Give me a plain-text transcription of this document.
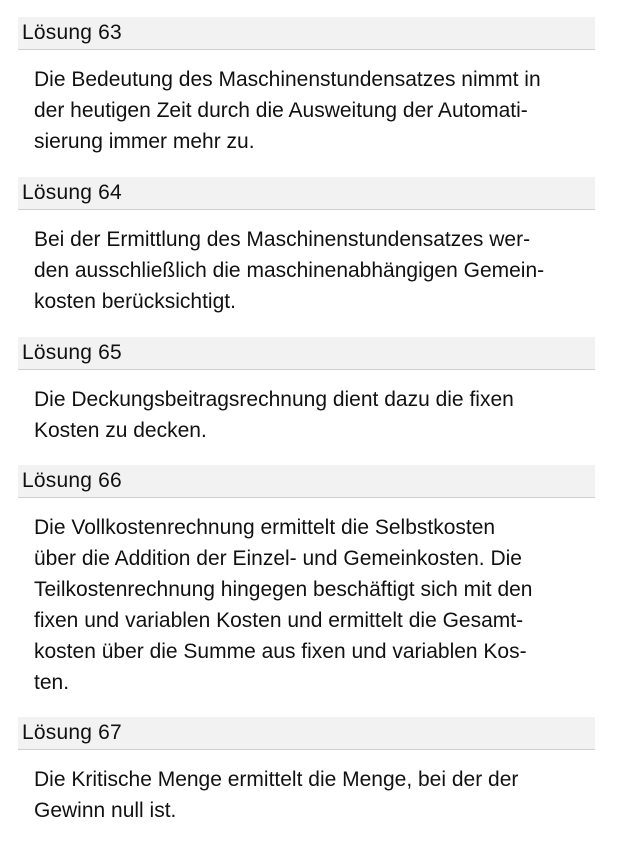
Lösung 63
Die Bedeutung des Maschinenstundensatzes nimmt in
der heutigen Zeit durch die Ausweitung der Automati-
sierung immer mehr zu.
Lösung 64
Bei der Ermittlung des Maschinenstundensatzes wer-
den ausschließlich die maschinenabhängigen Gemein-
kosten berücksichtigt.
Lösung 65
Die Deckungsbeitragsrechnung dient dazu die fixen
Kosten zu decken.
Lösung 66
Die Vollkostenrechnung ermittelt die Selbstkosten
über die Addition der Einzel- und Gemeinkosten. Die
Teilkostenrechnung hingegen beschäftigt sich mit den
fixen und variablen Kosten und ermittelt die Gesamt-
kosten über die Summe aus fixen und variablen Kos-
ten.
Lösung 67
Die Kritische Menge ermittelt die Menge, bei der der
Gewinn null ist.
